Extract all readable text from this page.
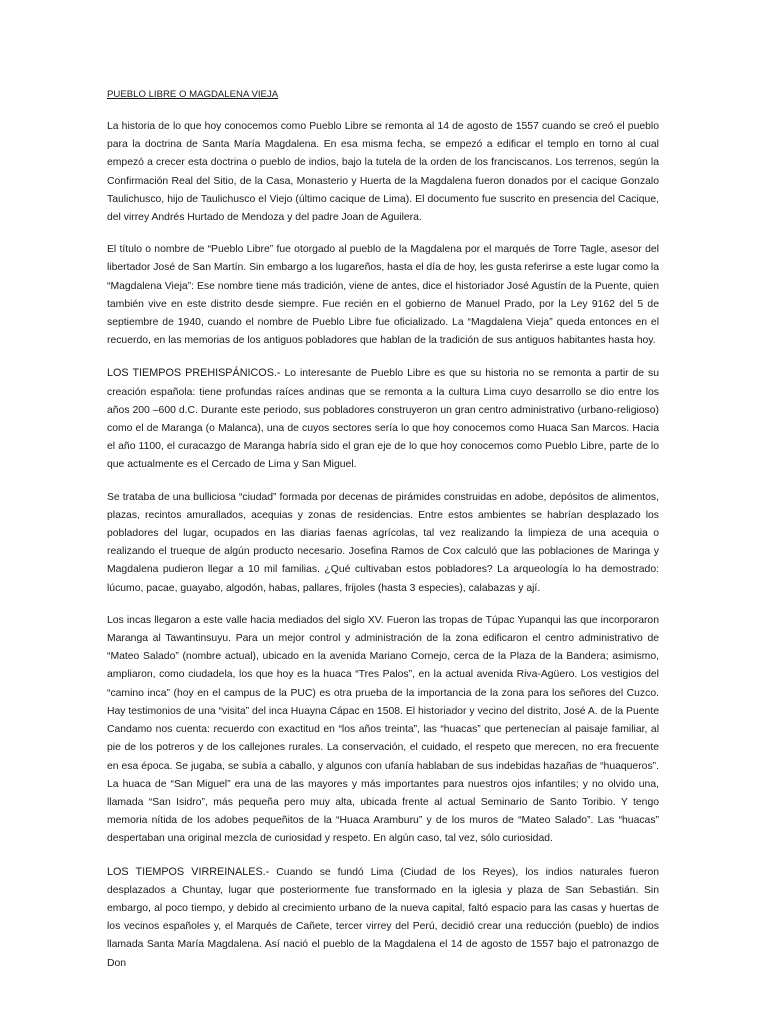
PUEBLO LIBRE O MAGDALENA VIEJA

La historia de lo que hoy conocemos como Pueblo Libre se remonta al 14 de agosto de 1557 cuando se creó el pueblo para la doctrina de Santa María Magdalena. En esa misma fecha, se empezó a edificar el templo en torno al cual empezó a crecer esta doctrina o pueblo de indios, bajo la tutela de la orden de los franciscanos. Los terrenos, según la Confirmación Real del Sitio, de la Casa, Monasterio y Huerta de la Magdalena fueron donados por el cacique Gonzalo Taulichusco, hijo de Taulichusco el Viejo (último cacique de Lima). El documento fue suscrito en presencia del Cacique, del virrey Andrés Hurtado de Mendoza y del padre Joan de Aguilera.

El título o nombre de “Pueblo Libre” fue otorgado al pueblo de la Magdalena por el marqués de Torre Tagle, asesor del libertador José de San Martín. Sin embargo a los lugareños, hasta el día de hoy, les gusta referirse a este lugar como la “Magdalena Vieja”: Ese nombre tiene más tradición, viene de antes, dice el historiador José Agustín de la Puente, quien también vive en este distrito desde siempre. Fue recién en el gobierno de Manuel Prado, por la Ley 9162 del 5 de septiembre de 1940, cuando el nombre de Pueblo Libre fue oficializado. La “Magdalena Vieja” queda entonces en el recuerdo, en las memorias de los antiguos pobladores que hablan de la tradición de sus antiguos habitantes hasta hoy.

LOS TIEMPOS PREHISPÁNICOS.- Lo interesante de Pueblo Libre es que su historia no se remonta a partir de su creación española: tiene profundas raíces andinas que se remonta a la cultura Lima cuyo desarrollo se dio entre los años 200 –600 d.C. Durante este periodo, sus pobladores construyeron un gran centro administrativo (urbano-religioso) como el de Maranga (o Malanca), una de cuyos sectores sería lo que hoy conocemos como Huaca San Marcos. Hacia el año 1100, el curacazgo de Maranga habría sido el gran eje de lo que hoy conocemos como Pueblo Libre, parte de lo que actualmente es el Cercado de Lima y San Miguel.

Se trataba de una bulliciosa “ciudad” formada por decenas de pirámides construidas en adobe, depósitos de alimentos, plazas, recintos amurallados, acequias y zonas de residencias. Entre estos ambientes se habrían desplazado los pobladores del lugar, ocupados en las diarias faenas agrícolas, tal vez realizando la limpieza de una acequia o realizando el trueque de algún producto necesario. Josefina Ramos de Cox calculó que las poblaciones de Maringa y Magdalena pudieron llegar a 10 mil familias. ¿Qué cultivaban estos pobladores? La arqueología lo ha demostrado: lúcumo, pacae, guayabo, algodón, habas, pallares, frijoles (hasta 3 especies), calabazas y ají.

Los incas llegaron a este valle hacia mediados del siglo XV. Fueron las tropas de Túpac Yupanqui las que incorporaron Maranga al Tawantinsuyu. Para un mejor control y administración de la zona edificaron el centro administrativo de “Mateo Salado” (nombre actual), ubicado en la avenida Mariano Cornejo, cerca de la Plaza de la Bandera; asimismo, ampliaron, como ciudadela, los que hoy es la huaca “Tres Palos”, en la actual avenida Riva-Agüero. Los vestigios del “camino inca” (hoy en el campus de la PUC) es otra prueba de la importancia de la zona para los señores del Cuzco. Hay testimonios de una “visita” del inca Huayna Cápac en 1508. El historiador y vecino del distrito, José A. de la Puente Candamo nos cuenta: recuerdo con exactitud en “los años treinta”, las “huacas” que pertenecían al paisaje familiar, al pie de los potreros y de los callejones rurales. La conservación, el cuidado, el respeto que merecen, no era frecuente en esa época. Se jugaba, se subía a caballo, y algunos con ufanía hablaban de sus indebidas hazañas de “huaqueros”. La huaca de “San Miguel” era una de las mayores y más importantes para nuestros ojos infantiles; y no olvido una, llamada “San Isidro”, más pequeña pero muy alta, ubicada frente al actual Seminario de Santo Toribio. Y tengo memoria nítida de los adobes pequeñitos de la “Huaca Aramburu” y de los muros de “Mateo Salado”. Las “huacas” despertaban una original mezcla de curiosidad y respeto. En algún caso, tal vez, sólo curiosidad.

LOS TIEMPOS VIRREINALES.- Cuando se fundó Lima (Ciudad de los Reyes), los indios naturales fueron desplazados a Chuntay, lugar que posteriormente fue transformado en la iglesia y plaza de San Sebastián. Sin embargo, al poco tiempo, y debido al crecimiento urbano de la nueva capital, faltó espacio para las casas y huertas de los vecinos españoles y, el Marqués de Cañete, tercer virrey del Perú, decidió crear una reducción (pueblo) de indios llamada Santa María Magdalena. Así nació el pueblo de la Magdalena el 14 de agosto de 1557 bajo el patronazgo de Don
